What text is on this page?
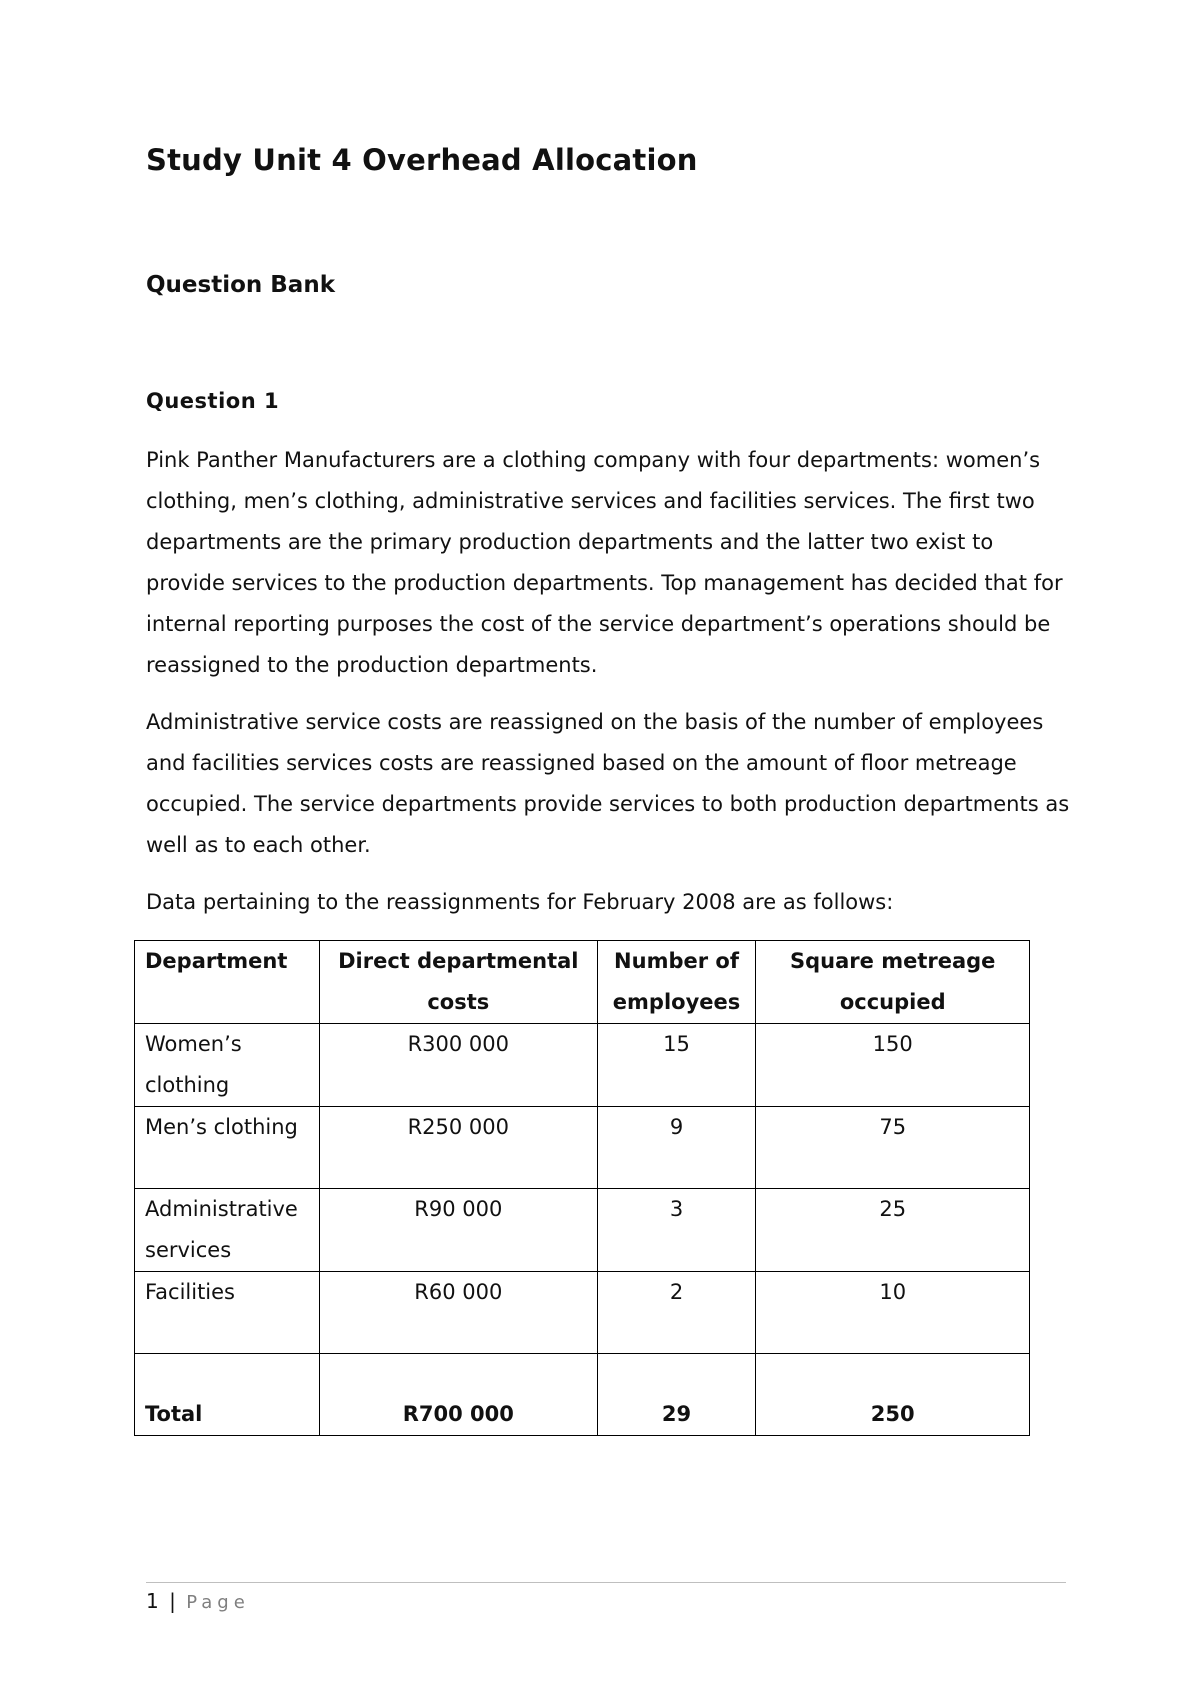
Study Unit 4 Overhead Allocation
Question Bank
Question 1

Pink Panther Manufacturers are a clothing company with four departments: women’s clothing, men’s clothing, administrative services and facilities services. The first two departments are the primary production departments and the latter two exist to provide services to the production departments. Top management has decided that for internal reporting purposes the cost of the service department’s operations should be reassigned to the production departments.

Administrative service costs are reassigned on the basis of the number of employees and facilities services costs are reassigned based on the amount of floor metreage occupied. The service departments provide services to both production departments as well as to each other.

Data pertaining to the reassignments for February 2008 are as follows:

Department	Direct departmental costs	Number of employees	Square metreage occupied
Women’s clothing	R300 000	15	150
Men’s clothing	R250 000	9	75
Administrative services	R90 000	3	25
Facilities	R60 000	2	10
Total	R700 000	29	250
1 | Page
